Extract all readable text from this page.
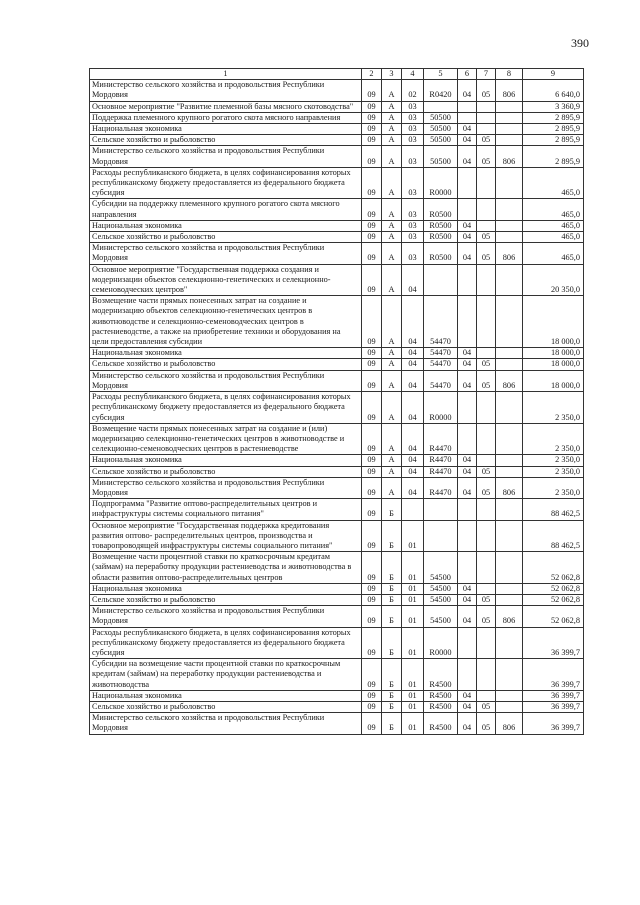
390
1	2	3	4	5	6	7	8	9
Министерство сельского хозяйства и продовольствия Республики Мордовия	09	А	02	R0420	04	05	806	6 640,0
Основное мероприятие "Развитие племенной базы мясного скотоводства"	09	А	03					3 360,9
Поддержка племенного крупного рогатого скота мясного направления	09	А	03	50500				2 895,9
Национальная экономика	09	А	03	50500	04			2 895,9
Сельское хозяйство и рыболовство	09	А	03	50500	04	05		2 895,9
Министерство сельского хозяйства и продовольствия Республики Мордовия	09	А	03	50500	04	05	806	2 895,9
Расходы республиканского бюджета, в целях софинансирования которых республиканскому бюджету предоставляется из федерального бюджета субсидия	09	А	03	R0000				465,0
Субсидии на поддержку племенного крупного рогатого скота мясного направления	09	А	03	R0500				465,0
Национальная экономика	09	А	03	R0500	04			465,0
Сельское хозяйство и рыболовство	09	А	03	R0500	04	05		465,0
Министерство сельского хозяйства и продовольствия Республики Мордовия	09	А	03	R0500	04	05	806	465,0
Основное мероприятие "Государственная поддержка создания и модернизации объектов селекционно-генетических и селекционно-семеноводческих центров"	09	А	04					20 350,0
Возмещение части прямых понесенных затрат на создание и модернизацию объектов селекционно-генетических центров в животноводстве и селекционно-семеноводческих центров в растениеводстве, а также на приобретение техники и оборудования на цели предоставления субсидии	09	А	04	54470				18 000,0
Национальная экономика	09	А	04	54470	04			18 000,0
Сельское хозяйство и рыболовство	09	А	04	54470	04	05		18 000,0
Министерство сельского хозяйства и продовольствия Республики Мордовия	09	А	04	54470	04	05	806	18 000,0
Расходы республиканского бюджета, в целях софинансирования которых республиканскому бюджету предоставляется из федерального бюджета субсидия	09	А	04	R0000				2 350,0
Возмещение части прямых понесенных затрат на создание и (или) модернизацию селекционно-генетических центров в животноводстве и селекционно-семеноводческих центров в растениеводстве	09	А	04	R4470				2 350,0
Национальная экономика	09	А	04	R4470	04			2 350,0
Сельское хозяйство и рыболовство	09	А	04	R4470	04	05		2 350,0
Министерство сельского хозяйства и продовольствия Республики Мордовия	09	А	04	R4470	04	05	806	2 350,0
Подпрограмма "Развитие оптово-распределительных центров и инфраструктуры системы социального питания"	09	Б						88 462,5
Основное мероприятие "Государственная поддержка кредитования развития оптово- распределительных центров, производства и товаропроводящей инфраструктуры системы социального питания"	09	Б	01					88 462,5
Возмещение части процентной ставки по краткосрочным кредитам (займам) на переработку продукции растениеводства и животноводства в области развития оптово-распределительных центров	09	Б	01	54500				52 062,8
Национальная экономика	09	Б	01	54500	04			52 062,8
Сельское хозяйство и рыболовство	09	Б	01	54500	04	05		52 062,8
Министерство сельского хозяйства и продовольствия Республики Мордовия	09	Б	01	54500	04	05	806	52 062,8
Расходы республиканского бюджета, в целях софинансирования которых республиканскому бюджету предоставляется из федерального бюджета субсидия	09	Б	01	R0000				36 399,7
Субсидии на возмещение части процентной ставки по краткосрочным кредитам (займам) на переработку продукции растениеводства и животноводства	09	Б	01	R4500				36 399,7
Национальная экономика	09	Б	01	R4500	04			36 399,7
Сельское хозяйство и рыболовство	09	Б	01	R4500	04	05		36 399,7
Министерство сельского хозяйства и продовольствия Республики Мордовия	09	Б	01	R4500	04	05	806	36 399,7
